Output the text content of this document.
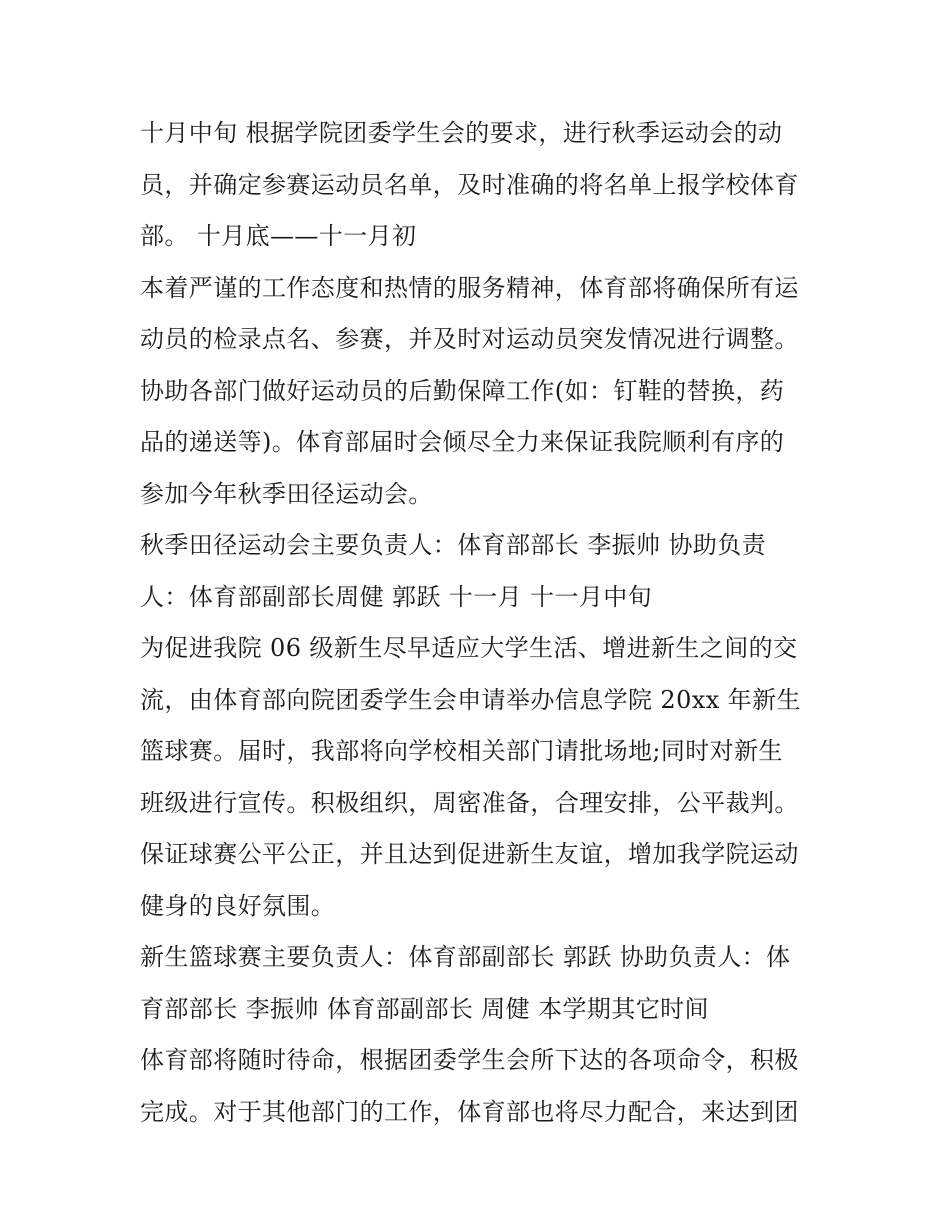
十月中旬 根据学院团委学生会的要求，进行秋季运动会的动
员，并确定参赛运动员名单，及时准确的将名单上报学校体育
部。 十月底——十一月初
本着严谨的工作态度和热情的服务精神，体育部将确保所有运
动员的检录点名、参赛，并及时对运动员突发情况进行调整。
协助各部门做好运动员的后勤保障工作(如：钉鞋的替换，药
品的递送等)。体育部届时会倾尽全力来保证我院顺利有序的
参加今年秋季田径运动会。
秋季田径运动会主要负责人：体育部部长 李振帅 协助负责
人：体育部副部长周健 郭跃 十一月 十一月中旬
为促进我院 06 级新生尽早适应大学生活、增进新生之间的交
流，由体育部向院团委学生会申请举办信息学院 20xx 年新生
篮球赛。届时，我部将向学校相关部门请批场地;同时对新生
班级进行宣传。积极组织，周密准备，合理安排，公平裁判。
保证球赛公平公正，并且达到促进新生友谊，增加我学院运动
健身的良好氛围。
新生篮球赛主要负责人：体育部副部长 郭跃 协助负责人：体
育部部长 李振帅 体育部副部长 周健 本学期其它时间
体育部将随时待命，根据团委学生会所下达的各项命令，积极
完成。对于其他部门的工作，体育部也将尽力配合，来达到团
